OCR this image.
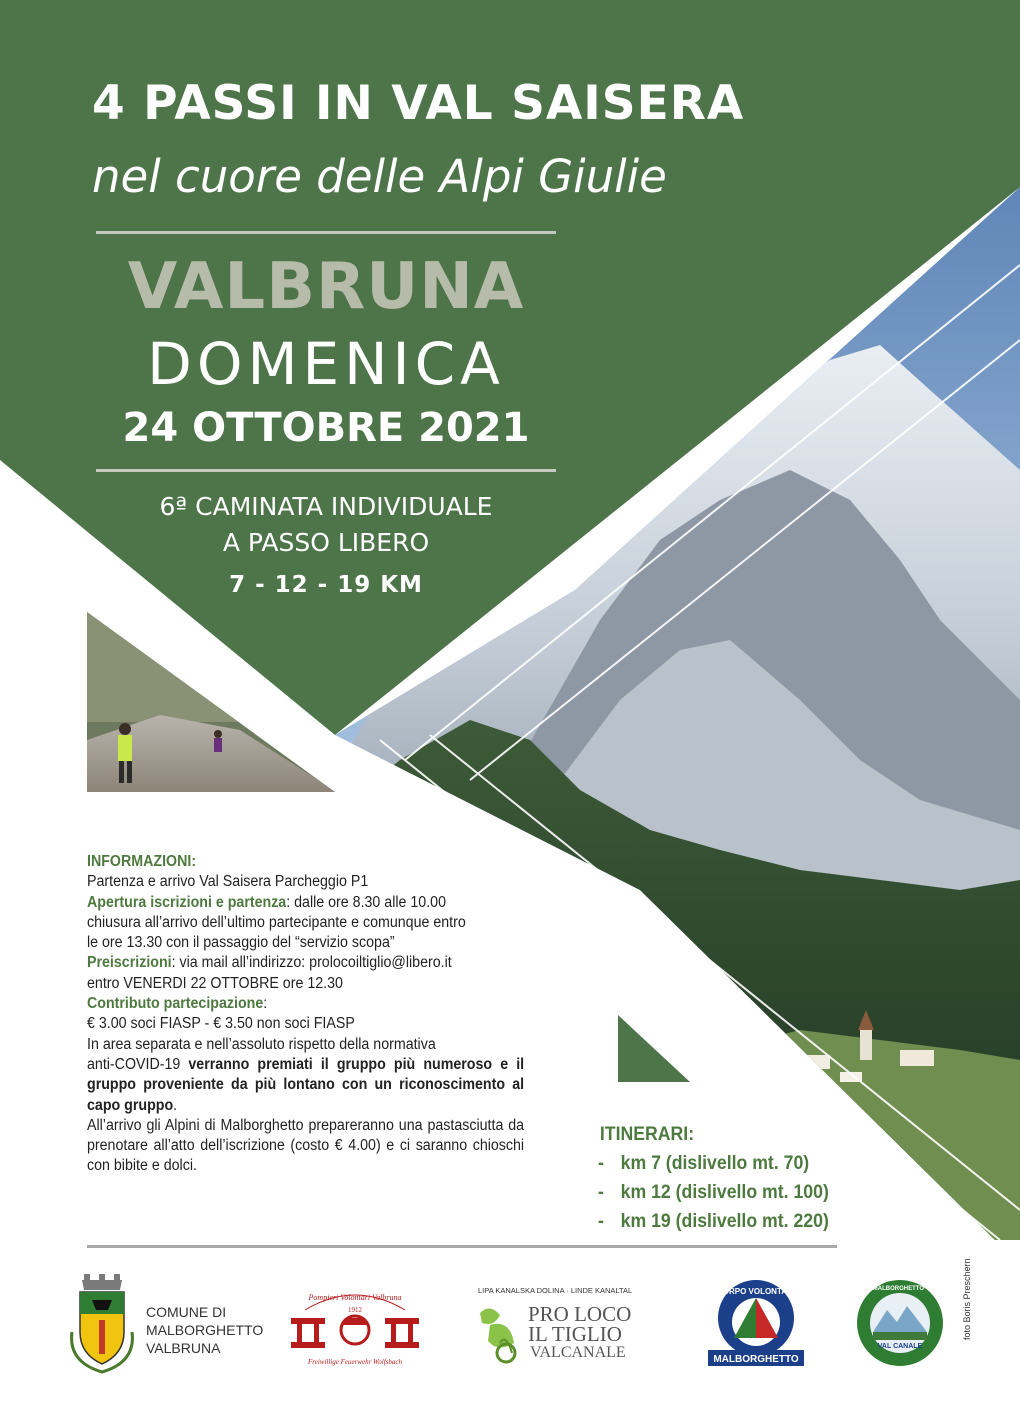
4 PASSI IN VAL SAISERA
nel cuore delle Alpi Giulie
VALBRUNA
DOMENICA
24 OTTOBRE 2021
6ª CAMINATA INDIVIDUALE
A PASSO LIBERO
7 - 12 - 19 KM

INFORMAZIONI:

Partenza e arrivo Val Saisera Parcheggio P1

Apertura iscrizioni e partenza: dalle ore 8.30 alle 10.00

chiusura all’arrivo dell’ultimo partecipante e comunque entro

le ore 13.30 con il passaggio del “servizio scopa”

Preiscrizioni: via mail all’indirizzo: prolocoiltiglio@libero.it

entro VENERDI 22 OTTOBRE ore 12.30

Contributo partecipazione:

€ 3.00 soci FIASP - € 3.50 non soci FIASP

In area separata e nell’assoluto rispetto della normativa

anti-COVID-19 verranno premiati il gruppo più numeroso e il gruppo proveniente da più lontano con un riconoscimento al capo gruppo.

All’arrivo gli Alpini di Malborghetto prepareranno una pastasciutta da prenotare all’atto dell’iscrizione (costo € 4.00) e ci saranno chioschi con bibite e dolci.

ITINERARI:
- km 7 (dislivello mt. 70)
- km 12 (dislivello mt. 100)
- km 19 (dislivello mt. 220)
COMUNE DI
MALBORGHETTO
VALBRUNA
Pompieri Volontari Valbruna
1912
Freiwillige Feuerwehr Wolfsbach
LIPA KANALSKA DOLINA · LINDE KANALTAL
PRO LOCO
IL TIGLIO
VALCANALE
CORPO VOLONTARI
MALBORGHETTO
GRUPPO DI MALBORGHETTO - VALBRUNA
VAL CANALE
foto Boris Preschern
